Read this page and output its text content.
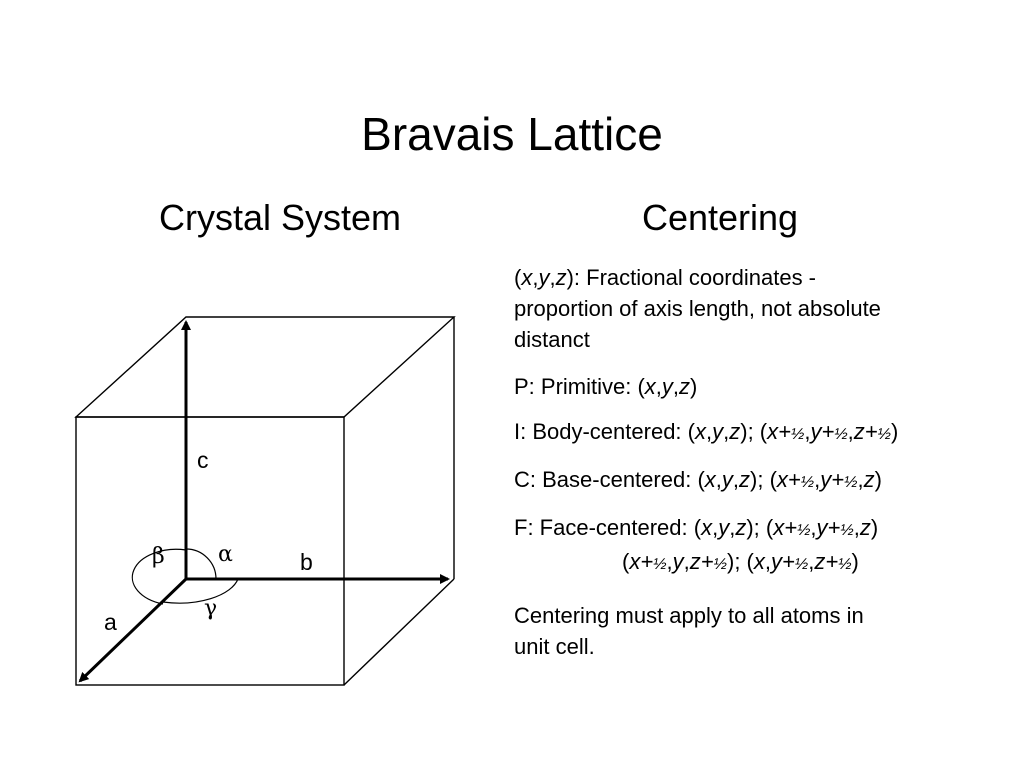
Bravais Lattice
Crystal System	Centering
c
b
a
α
β
γ

(x,y,z): Fractional coordinates - proportion of axis length, not absolute distanct

P: Primitive: (x,y,z)

I: Body-centered: (x,y,z); (x+½,y+½,z+½)

C: Base-centered: (x,y,z); (x+½,y+½,z)

F: Face-centered: (x,y,z); (x+½,y+½,z)
(x+½,y,z+½); (x,y+½,z+½)

Centering must apply to all atoms in unit cell.
